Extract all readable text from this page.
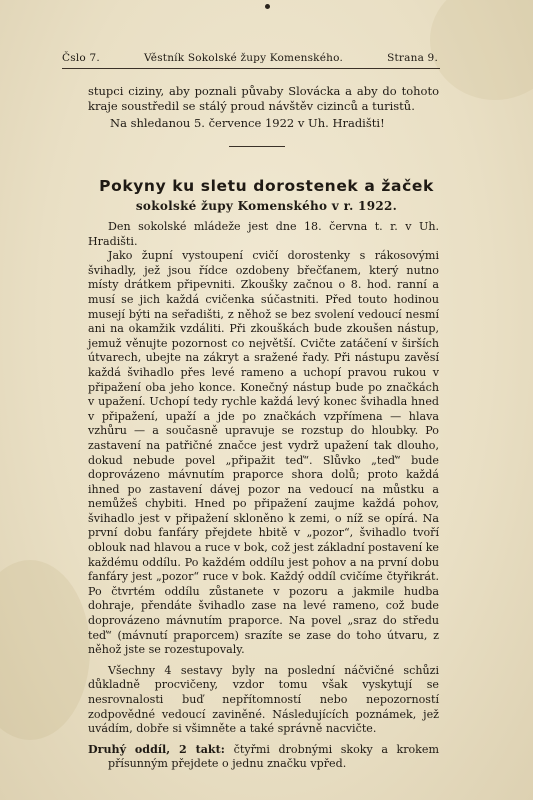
Čslo 7.	Věstník Sokolské župy Komenského.	Strana 9.

stupci ciziny, aby poznali půvaby Slovácka a aby do tohoto kraje soustředil se stálý proud návštěv cizinců a turistů.

Na shledanou 5. července 1922 v Uh. Hradišti!

Pokyny ku sletu dorostenek a žaček
sokolské župy Komenského v r. 1922.

Den sokolské mládeže jest dne 18. června t. r. v Uh. Hradišti.

Jako župní vystoupení cvičí dorostenky s rákosovými švihadly, jež jsou řídce ozdobeny břečťanem, který nutno místy drátkem připevniti. Zkoušky začnou o 8. hod. ranní a musí se jich každá cvičenka súčastniti. Před touto hodinou musejí býti na seřadišti, z něhož se bez svolení vedoucí nesmí ani na okamžik vzdáliti. Při zkouškách bude zkoušen nástup, jemuž věnujte pozornost co největší. Cvičte zatáčení v širších útvarech, ubejte na zákryt a sražené řady. Při nástupu zavěsí každá švihadlo přes levé rameno a uchopí pravou rukou v připažení oba jeho konce. Konečný nástup bude po značkách v upažení. Uchopí tedy rychle každá levý konec švihadla hned v připažení, upaží a jde po značkách vzpřímena — hlava vzhůru — a současně upravuje se rozstup do hloubky. Po zastavení na patřičné značce jest vydrž upažení tak dlouho, dokud nebude povel „připažit teď“. Slůvko „teď“ bude doprovázeno mávnutím praporce shora dolů; proto každá ihned po zastavení dávej pozor na vedoucí na můstku a nemůžeš chybiti. Hned po připažení zaujme každá pohov, švihadlo jest v připažení skloněno k zemi, o níž se opírá. Na první dobu fanfáry přejdete hbitě v „pozor“, švihadlo tvoří oblouk nad hlavou a ruce v bok, což jest základní postavení ke každému oddílu. Po každém oddílu jest pohov a na první dobu fanfáry jest „pozor“ ruce v bok. Každý oddíl cvičíme čtyřikrát. Po čtvrtém oddílu zůstanete v pozoru a jakmile hudba dohraje, přendáte švihadlo zase na levé rameno, což bude doprovázeno mávnutím praporce. Na povel „sraz do středu teď“ (mávnutí praporcem) srazíte se zase do toho útvaru, z něhož jste se rozestupovaly.

Všechny 4 sestavy byly na poslední náčvičné schůzi důkladně procvičeny, vzdor tomu však vyskytují se nesrovnalosti buď nepřítomností nebo nepozorností zodpovědné vedoucí zaviněné. Následujících poznámek, jež uvádím, dobře si všimněte a také správně nacvičte.

Druhý oddíl, 2 takt: čtyřmi drobnými skoky a krokem přísunným přejdete o jednu značku vpřed.
